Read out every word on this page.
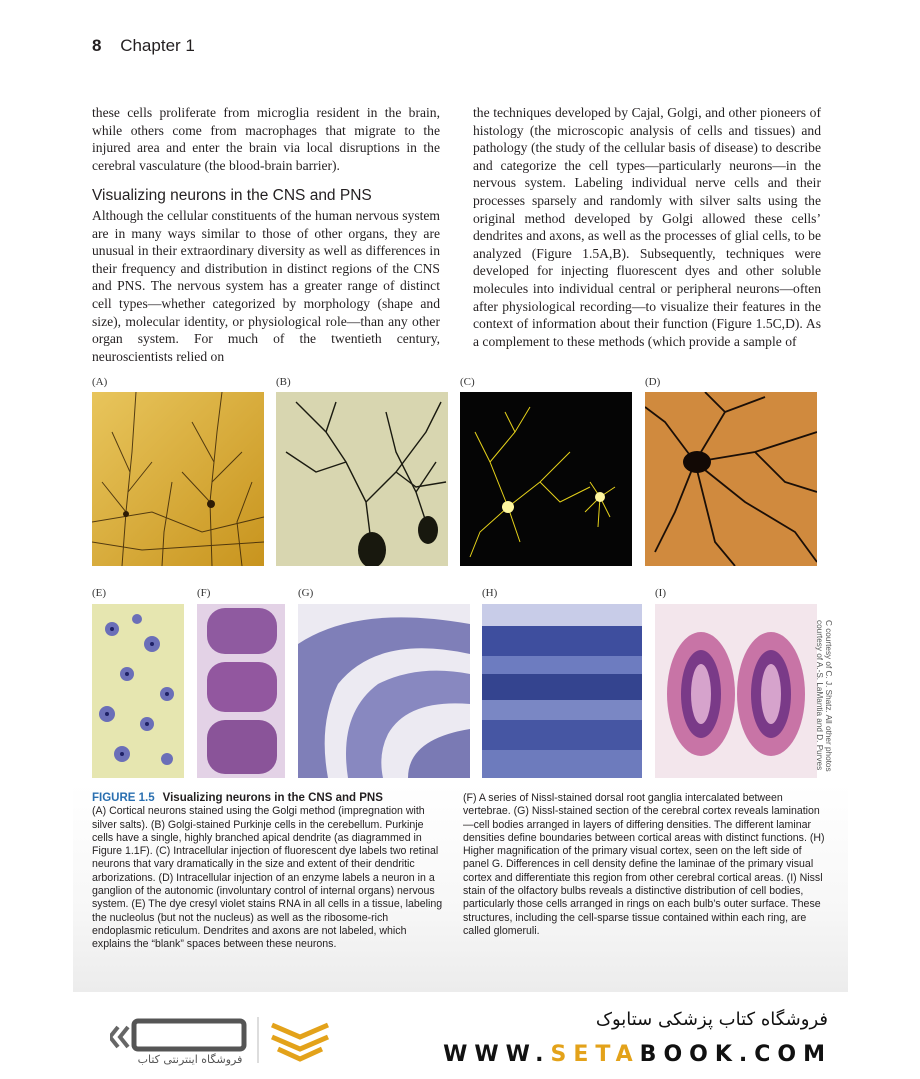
8 Chapter 1

these cells proliferate from microglia resident in the brain, while others come from macrophages that migrate to the injured area and enter the brain via local disruptions in the cerebral vasculature (the blood-brain barrier).

Visualizing neurons in the CNS and PNS

Although the cellular constituents of the human nervous system are in many ways similar to those of other organs, they are unusual in their extraordinary diversity as well as differences in their frequency and distribution in distinct regions of the CNS and PNS. The nervous system has a greater range of distinct cell types—whether categorized by morphology (shape and size), molecular identity, or physiological role—than any other organ system. For much of the twentieth century, neuroscientists relied on

the techniques developed by Cajal, Golgi, and other pioneers of histology (the microscopic analysis of cells and tissues) and pathology (the study of the cellular basis of disease) to describe and categorize the cell types—particularly neurons—in the nervous system. Labeling individual nerve cells and their processes sparsely and randomly with silver salts using the original method developed by Golgi allowed these cells’ dendrites and axons, as well as the processes of glial cells, to be analyzed (Figure 1.5A,B). Subsequently, techniques were developed for injecting fluorescent dyes and other soluble molecules into individual central or peripheral neurons—often after physiological recording—to visualize their features in the context of information about their function (Figure 1.5C,D). As a complement to these methods (which provide a sample of

(A)	(B)	(C)	(D)
(E)	(F)	(G)	(H)	(I)
C courtesy of C. J. Shatz. All other photos courtesy of A.-S. LaMantia and D. Purves
FIGURE 1.5 Visualizing neurons in the CNS and PNS
(A) Cortical neurons stained using the Golgi method (impregnation with silver salts). (B) Golgi-stained Purkinje cells in the cerebellum. Purkinje cells have a single, highly branched apical dendrite (as diagrammed in Figure 1.1F). (C) Intracellular injection of fluorescent dye labels two retinal neurons that vary dramatically in the size and extent of their dendritic arborizations. (D) Intracellular injection of an enzyme labels a neuron in a ganglion of the autonomic (involuntary control of internal organs) nervous system. (E) The dye cresyl violet stains RNA in all cells in a tissue, labeling the nucleolus (but not the nucleus) as well as the ribosome-rich endoplasmic reticulum. Dendrites and axons are not labeled, which explains the “blank” spaces between these neurons.
(F) A series of Nissl-stained dorsal root ganglia intercalated between vertebrae. (G) Nissl-stained section of the cerebral cortex reveals lamination—cell bodies arranged in layers of differing densities. The different laminar densities define boundaries between cortical areas with distinct functions. (H) Higher magnification of the primary visual cortex, seen on the left side of panel G. Differences in cell density define the laminae of the primary visual cortex and differentiate this region from other cerebral cortical areas. (I) Nissl stain of the olfactory bulbs reveals a distinctive distribution of cell bodies, particularly those cells arranged in rings on each bulb’s outer surface. These structures, including the cell-sparse tissue contained within each ring, are called glomeruli.
فروشگاه اینترنتی کتاب
فروشگاه کتاب پزشکی ستابوک
WWW.SETABOOK.COM
